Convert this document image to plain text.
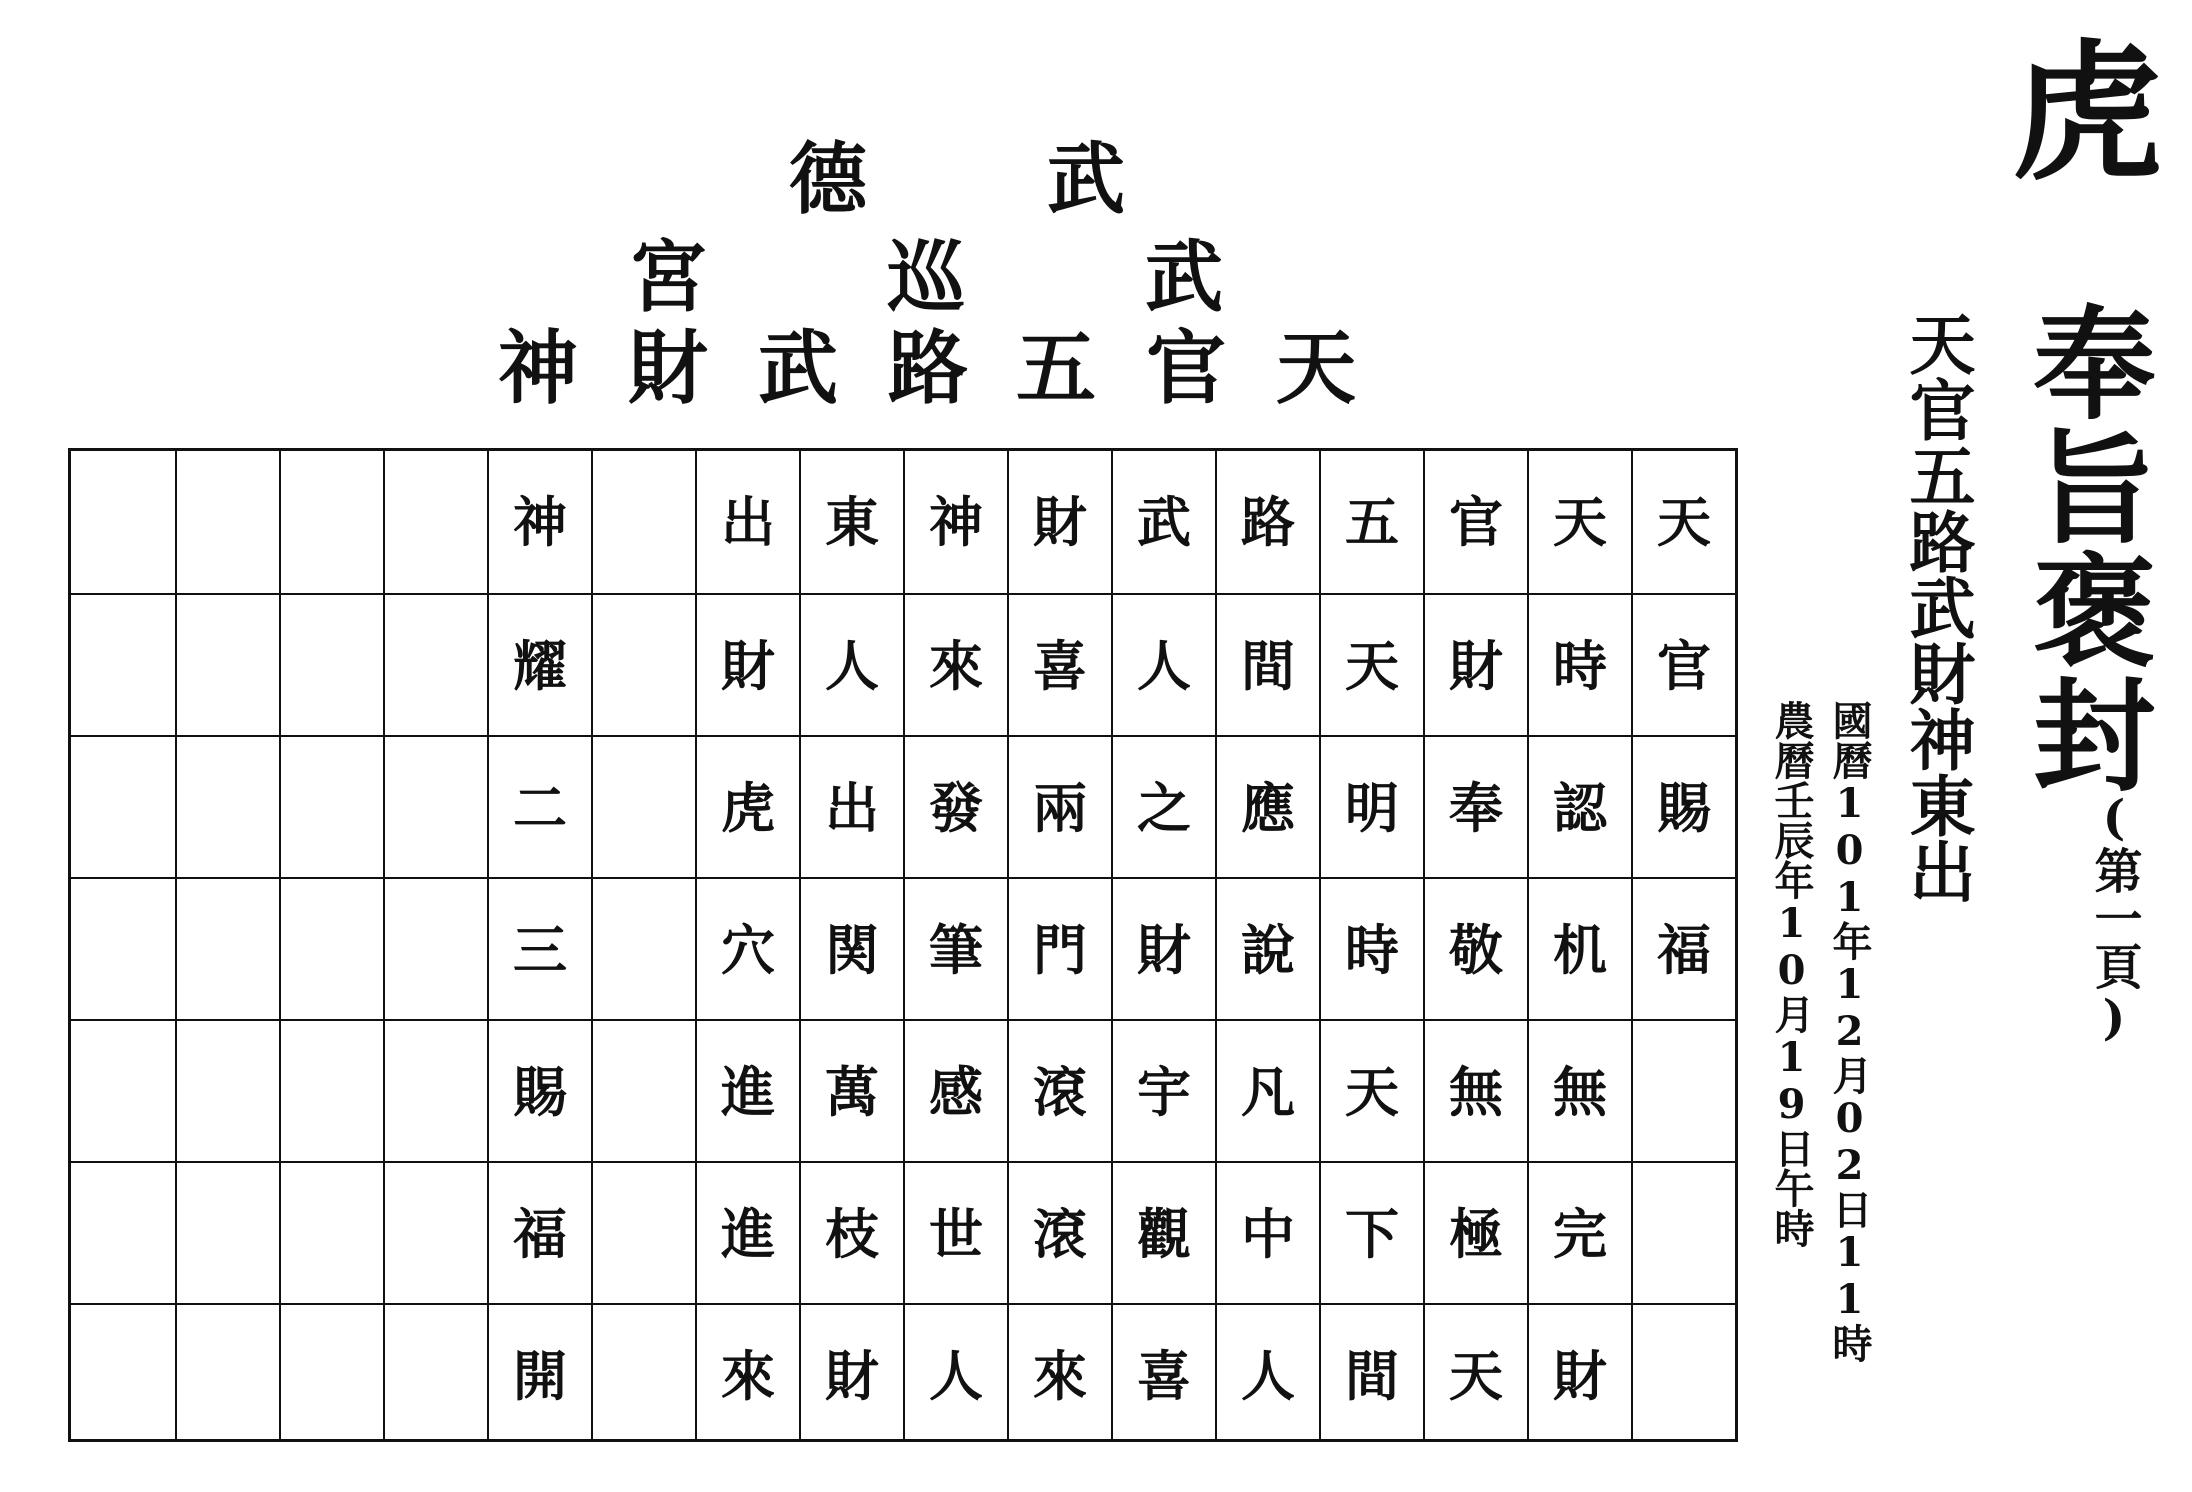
德 武
宮 巡 武
神 財 武 路 五 官 天
神
耀
二
三
賜
福
開
出
財
虎
穴
進
進
來
東
人
出
関
萬
枝
財
神
來
發
筆
感
世
人
財
喜
兩
門
滾
滾
來
武
人
之
財
宇
觀
喜
路
間
應
說
凡
中
人
五
天
明
時
天
下
間
官
財
奉
敬
無
極
天
天
時
認
机
無
完
財
天
官
賜
福
虎
奉旨褒封
(第一頁)
天官五路武財神東出
國曆101年12月02日11時
農曆壬辰年10月19日午時
